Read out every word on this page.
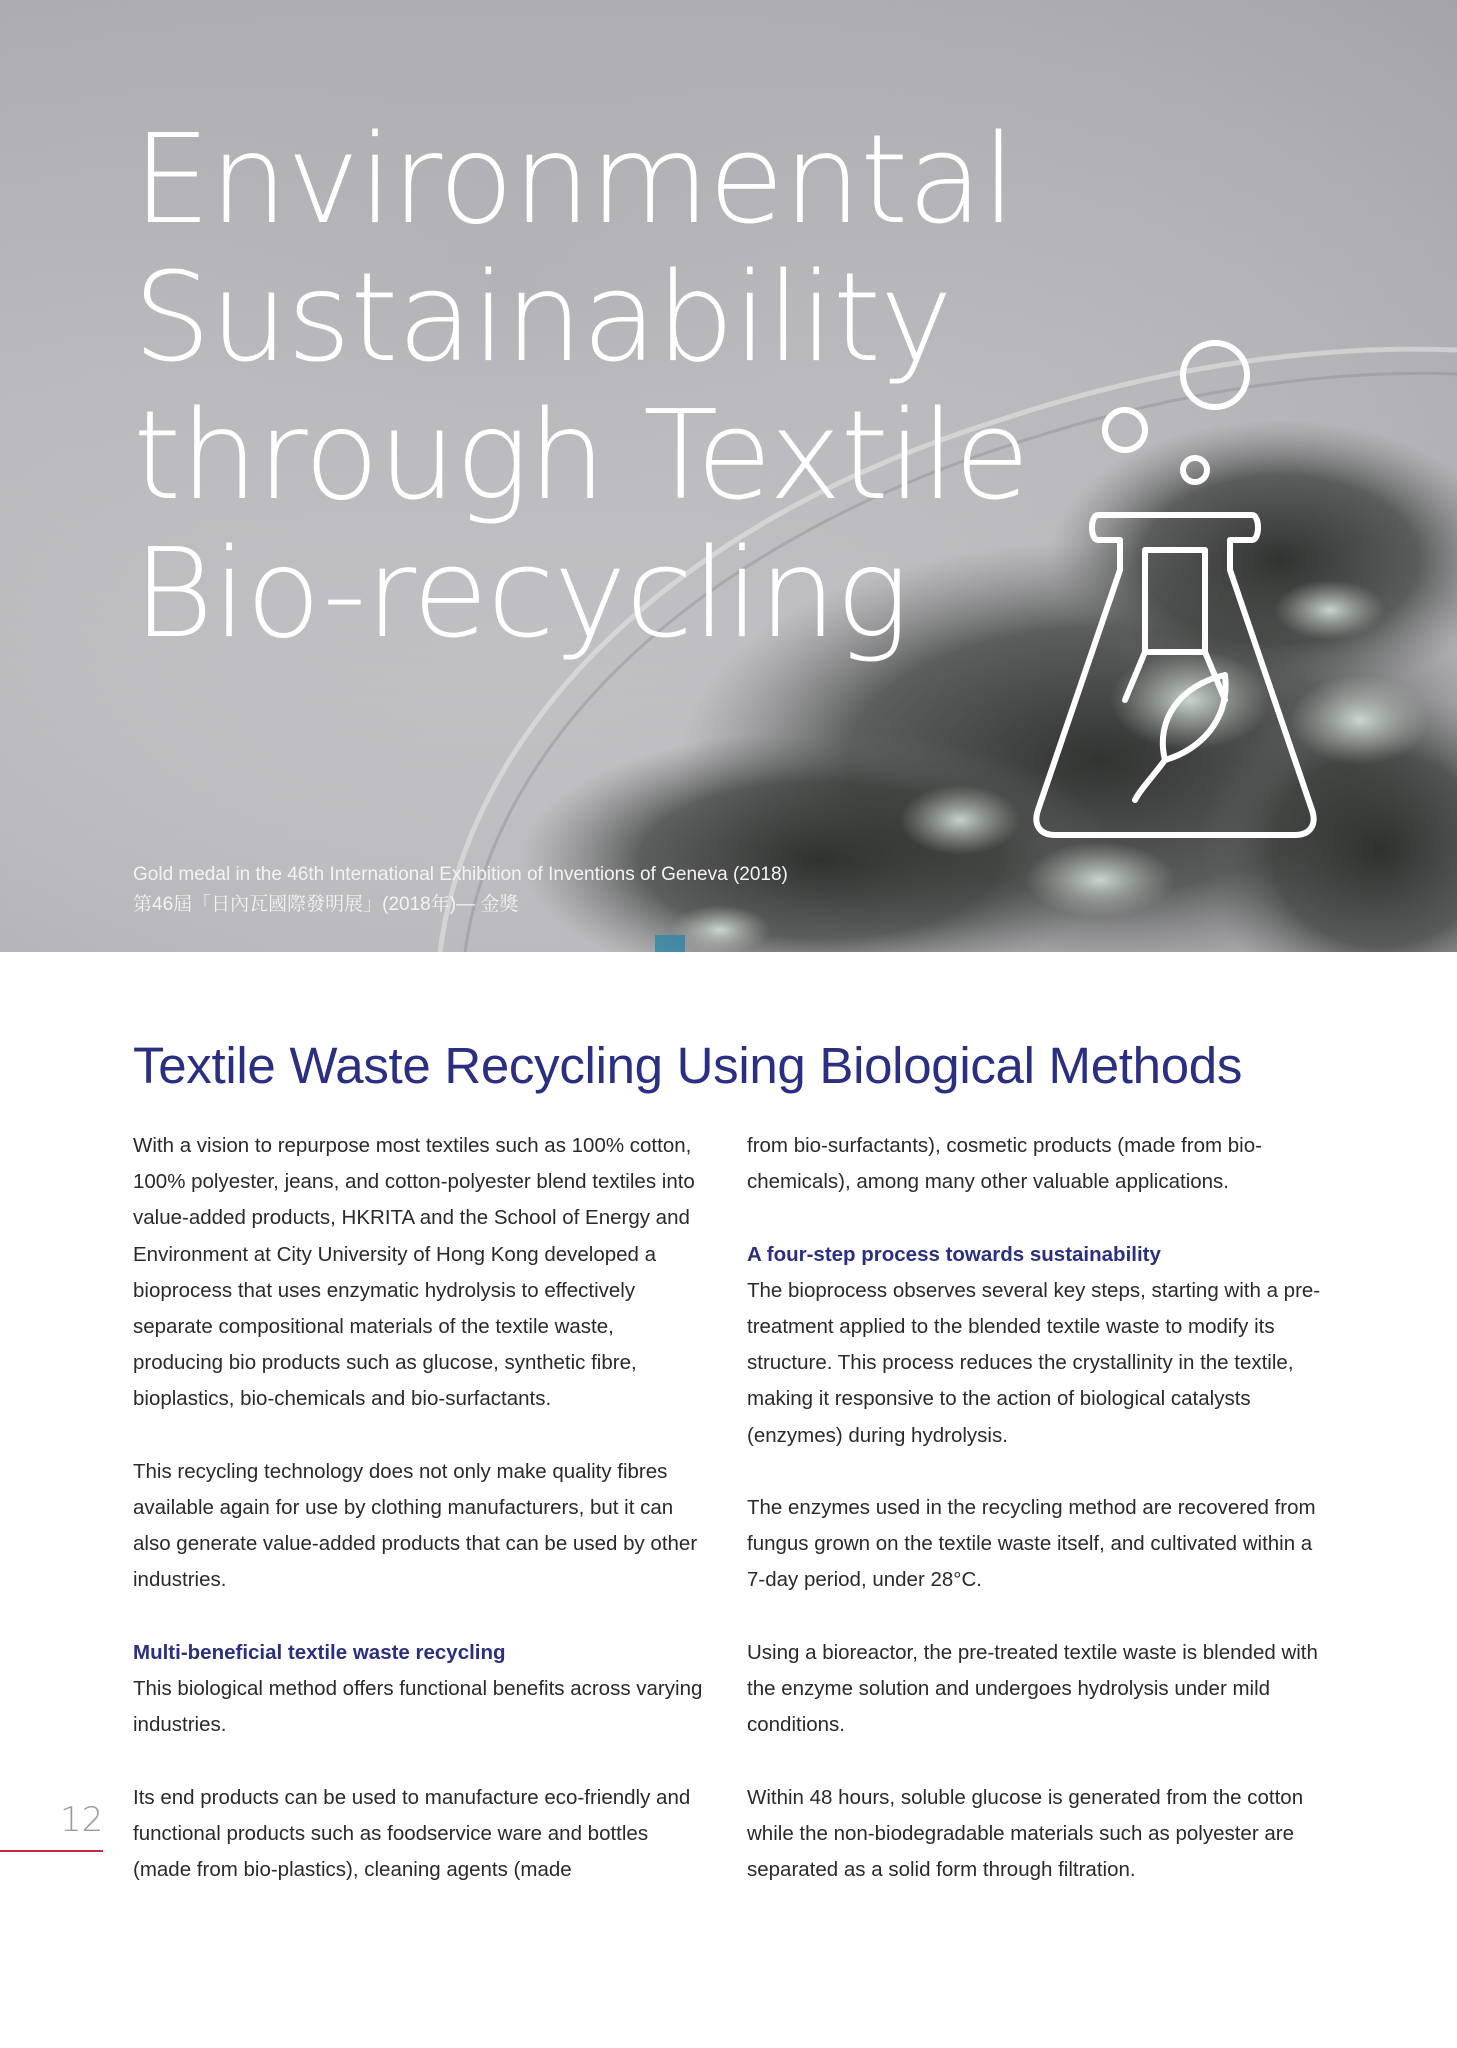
Environmental
Sustainability
through Textile
Bio-recycling
Gold medal in the 46th International Exhibition of Inventions of Geneva (2018)
第46屆「日內瓦國際發明展」(2018年)— 金獎
Textile Waste Recycling Using Biological Methods

With a vision to repurpose most textiles such as 100% cotton, 100% polyester, jeans, and cotton-polyester blend textiles into value-added products, HKRITA and the School of Energy and Environment at City University of Hong Kong developed a bioprocess that uses enzymatic hydrolysis to effectively separate compositional materials of the textile waste, producing bio products such as glucose, synthetic fibre, bioplastics, bio-chemicals and bio-surfactants.

This recycling technology does not only make quality fibres available again for use by clothing manufacturers, but it can also generate value-added products that can be used by other industries.

Multi-beneficial textile waste recycling

This biological method offers functional benefits across varying industries.

Its end products can be used to manufacture eco-friendly and functional products such as foodservice ware and bottles (made from bio-plastics), cleaning agents (made

from bio-surfactants), cosmetic products (made from bio-chemicals), among many other valuable applications.

A four-step process towards sustainability

The bioprocess observes several key steps, starting with a pre-treatment applied to the blended textile waste to modify its structure. This process reduces the crystallinity in the textile, making it responsive to the action of biological catalysts (enzymes) during hydrolysis.

The enzymes used in the recycling method are recovered from fungus grown on the textile waste itself, and cultivated within a 7-day period, under 28°C.

Using a bioreactor, the pre-treated textile waste is blended with the enzyme solution and undergoes hydrolysis under mild conditions.

Within 48 hours, soluble glucose is generated from the cotton while the non-biodegradable materials such as polyester are separated as a solid form through filtration.

12
